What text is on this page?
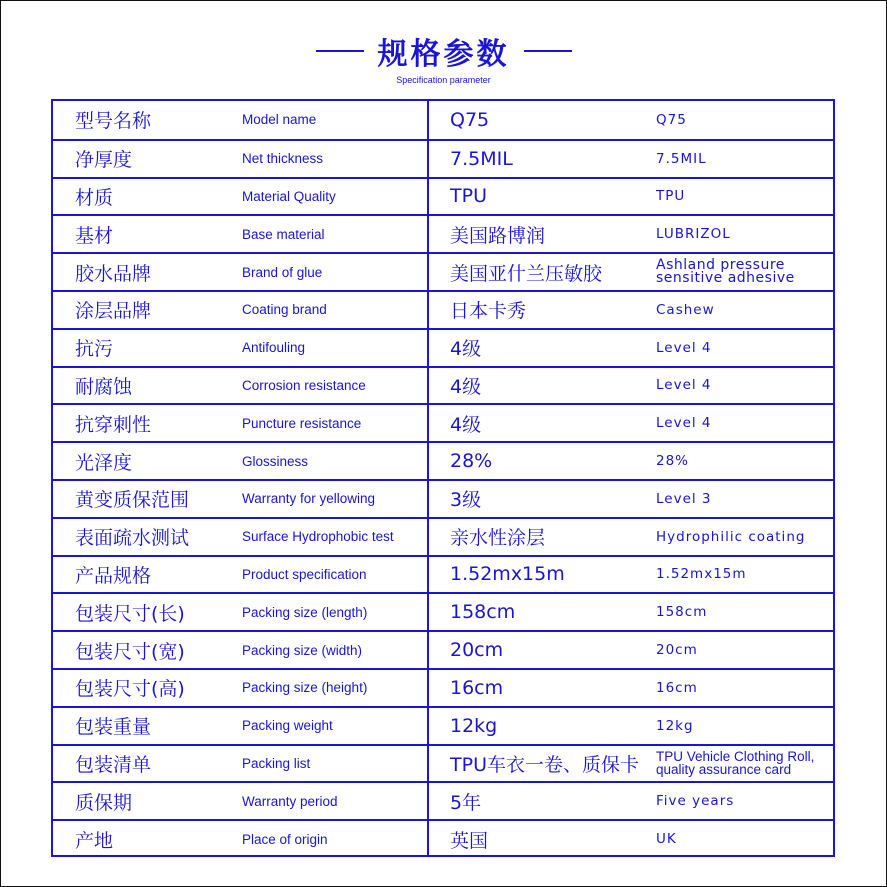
规格参数
Specification parameter
型号名称	Model name	Q75	Q75
净厚度	Net thickness	7.5MIL	7.5MIL
材质	Material Quality	TPU	TPU
基材	Base material	美国路博润	LUBRIZOL
胶水品牌	Brand of glue	美国亚什兰压敏胶	Ashland pressure sensitive adhesive
涂层品牌	Coating brand	日本卡秀	Cashew
抗污	Antifouling	4级	Level 4
耐腐蚀	Corrosion resistance	4级	Level 4
抗穿刺性	Puncture resistance	4级	Level 4
光泽度	Glossiness	28%	28%
黄变质保范围	Warranty for yellowing	3级	Level 3
表面疏水测试	Surface Hydrophobic test	亲水性涂层	Hydrophilic coating
产品规格	Product specification	1.52mx15m	1.52mx15m
包装尺寸(长)	Packing size (length)	158cm	158cm
包装尺寸(宽)	Packing size (width)	20cm	20cm
包装尺寸(高)	Packing size (height)	16cm	16cm
包装重量	Packing weight	12kg	12kg
包装清单	Packing list	TPU车衣一卷、质保卡 TPU Vehicle Clothing Roll, quality assurance card
质保期	Warranty period	5年	Five years
产地	Place of origin	英国	UK
